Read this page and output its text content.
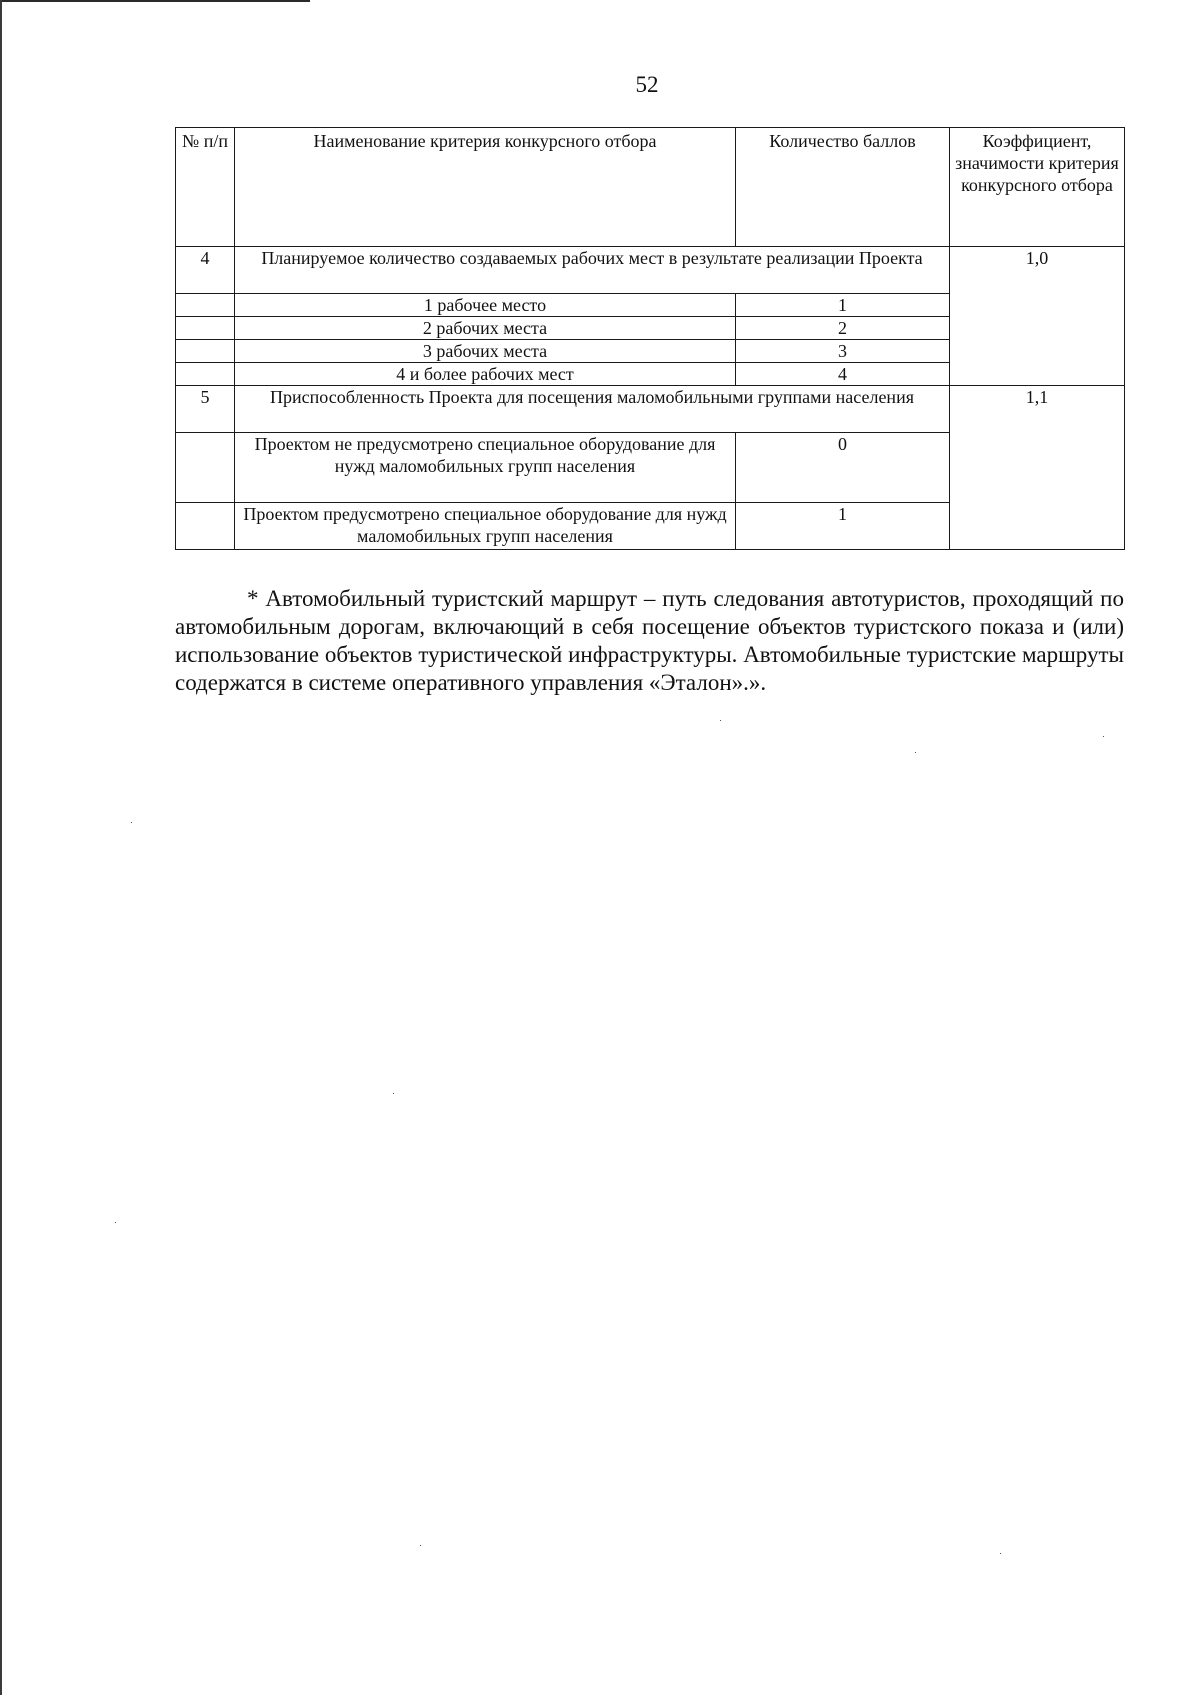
52
№ п/п	Наименование критерия конкурсного отбора	Количество баллов	Коэффициент, значимости критерия конкурсного отбора
4	Планируемое количество создаваемых рабочих мест в результате реализации Проекта		1,0
	1 рабочее место	1	
	2 рабочих места	2	
	3 рабочих места	3	
	4 и более рабочих мест	4	
5	Приспособленность Проекта для посещения маломобильными группами населения		1,1
	Проектом не предусмотрено специальное оборудование для нужд маломобильных групп населения	0	
	Проектом предусмотрено специальное оборудование для нужд маломобильных групп населения	1	

* Автомобильный туристский маршрут – путь следования автотуристов, проходящий по автомобильным дорогам, включающий в себя посещение объектов туристского показа и (или) использование объектов туристической инфраструктуры. Автомобильные туристские маршруты содержатся в системе оперативного управления «Эталон».».
